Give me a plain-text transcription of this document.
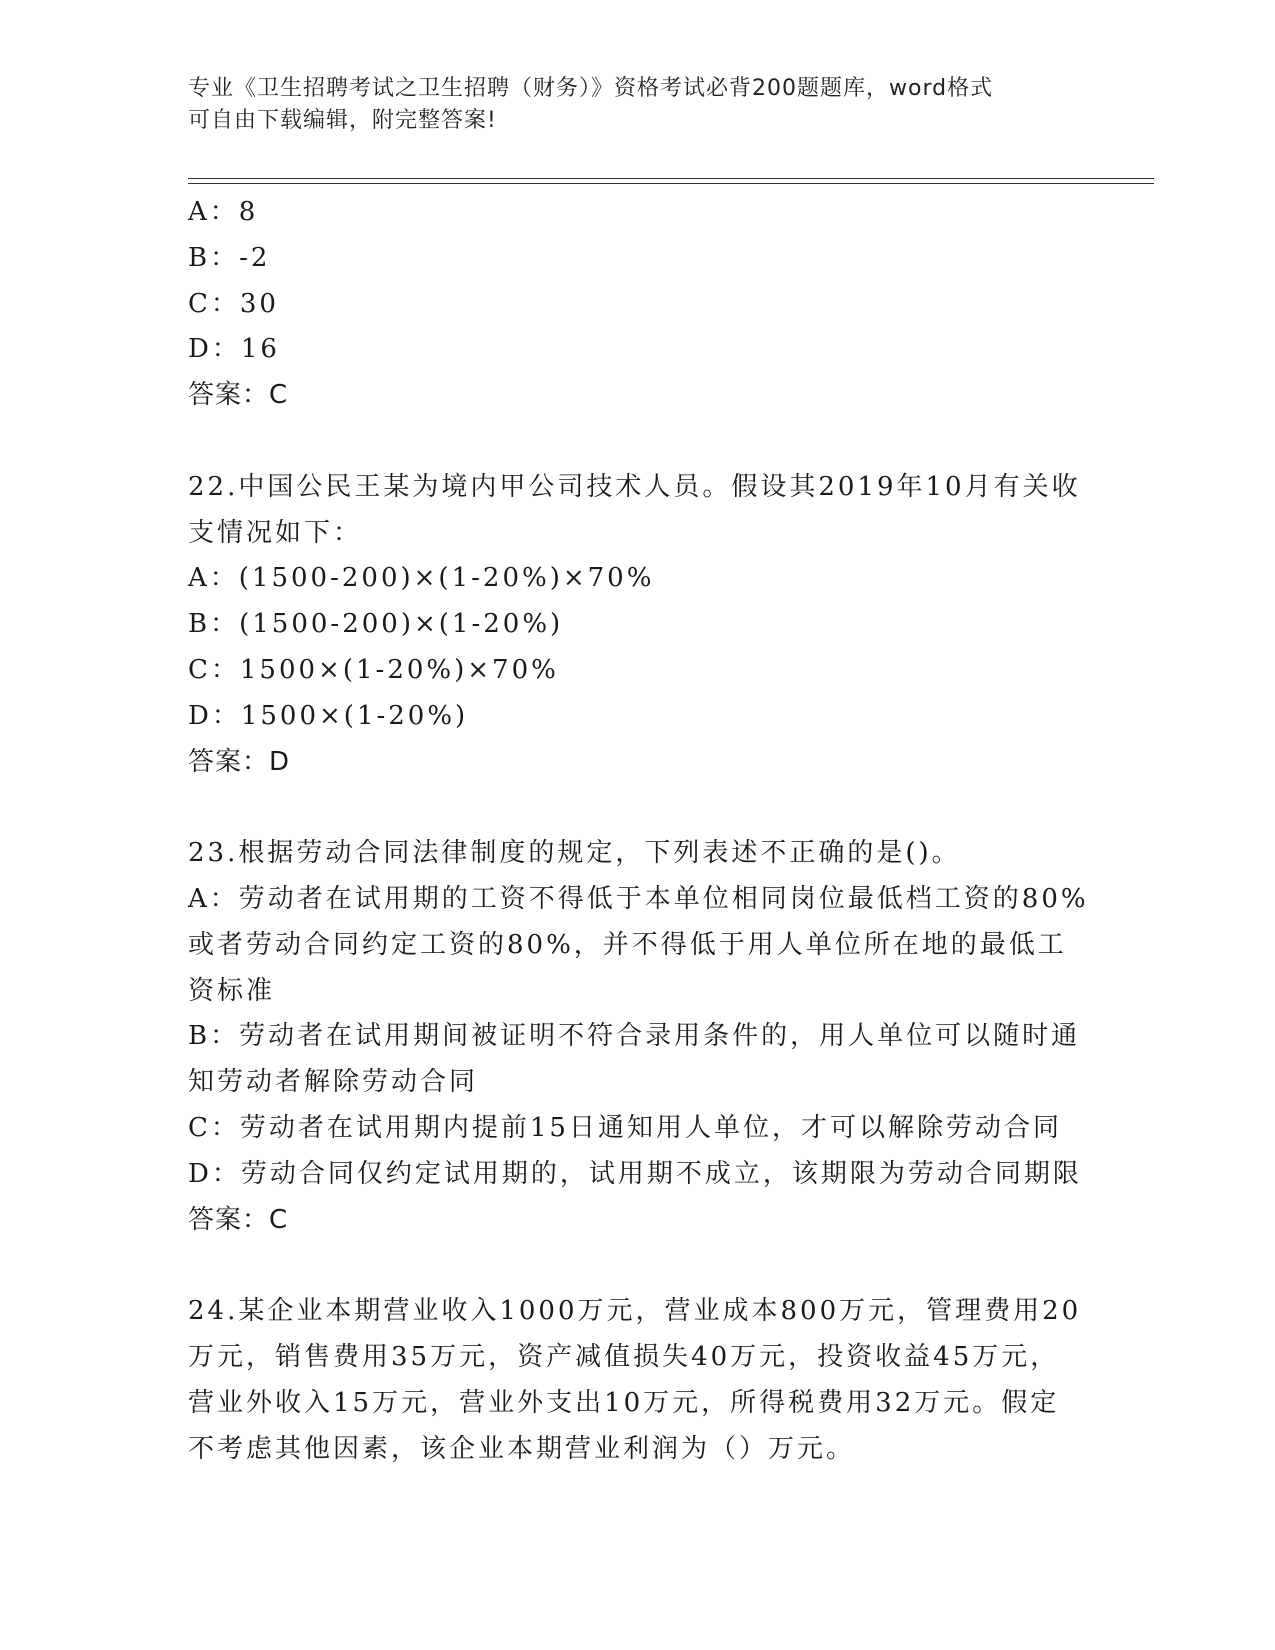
专业《卫生招聘考试之卫生招聘（财务）》资格考试必背200题题库，word格式
可自由下载编辑，附完整答案!
A：8
B：-2
C：30
D：16
答案：C
22.中国公民王某为境内甲公司技术人员。假设其2019年10月有关收
支情况如下：
A：(1500-200)×(1-20%)×70%
B：(1500-200)×(1-20%)
C：1500×(1-20%)×70%
D：1500×(1-20%)
答案：D
23.根据劳动合同法律制度的规定，下列表述不正确的是()。
A：劳动者在试用期的工资不得低于本单位相同岗位最低档工资的80%
或者劳动合同约定工资的80%，并不得低于用人单位所在地的最低工
资标准
B：劳动者在试用期间被证明不符合录用条件的，用人单位可以随时通
知劳动者解除劳动合同
C：劳动者在试用期内提前15日通知用人单位，才可以解除劳动合同
D：劳动合同仅约定试用期的，试用期不成立，该期限为劳动合同期限
答案：C
24.某企业本期营业收入1000万元，营业成本800万元，管理费用20
万元，销售费用35万元，资产减值损失40万元，投资收益45万元，
营业外收入15万元，营业外支出10万元，所得税费用32万元。假定
不考虑其他因素，该企业本期营业利润为（）万元。
